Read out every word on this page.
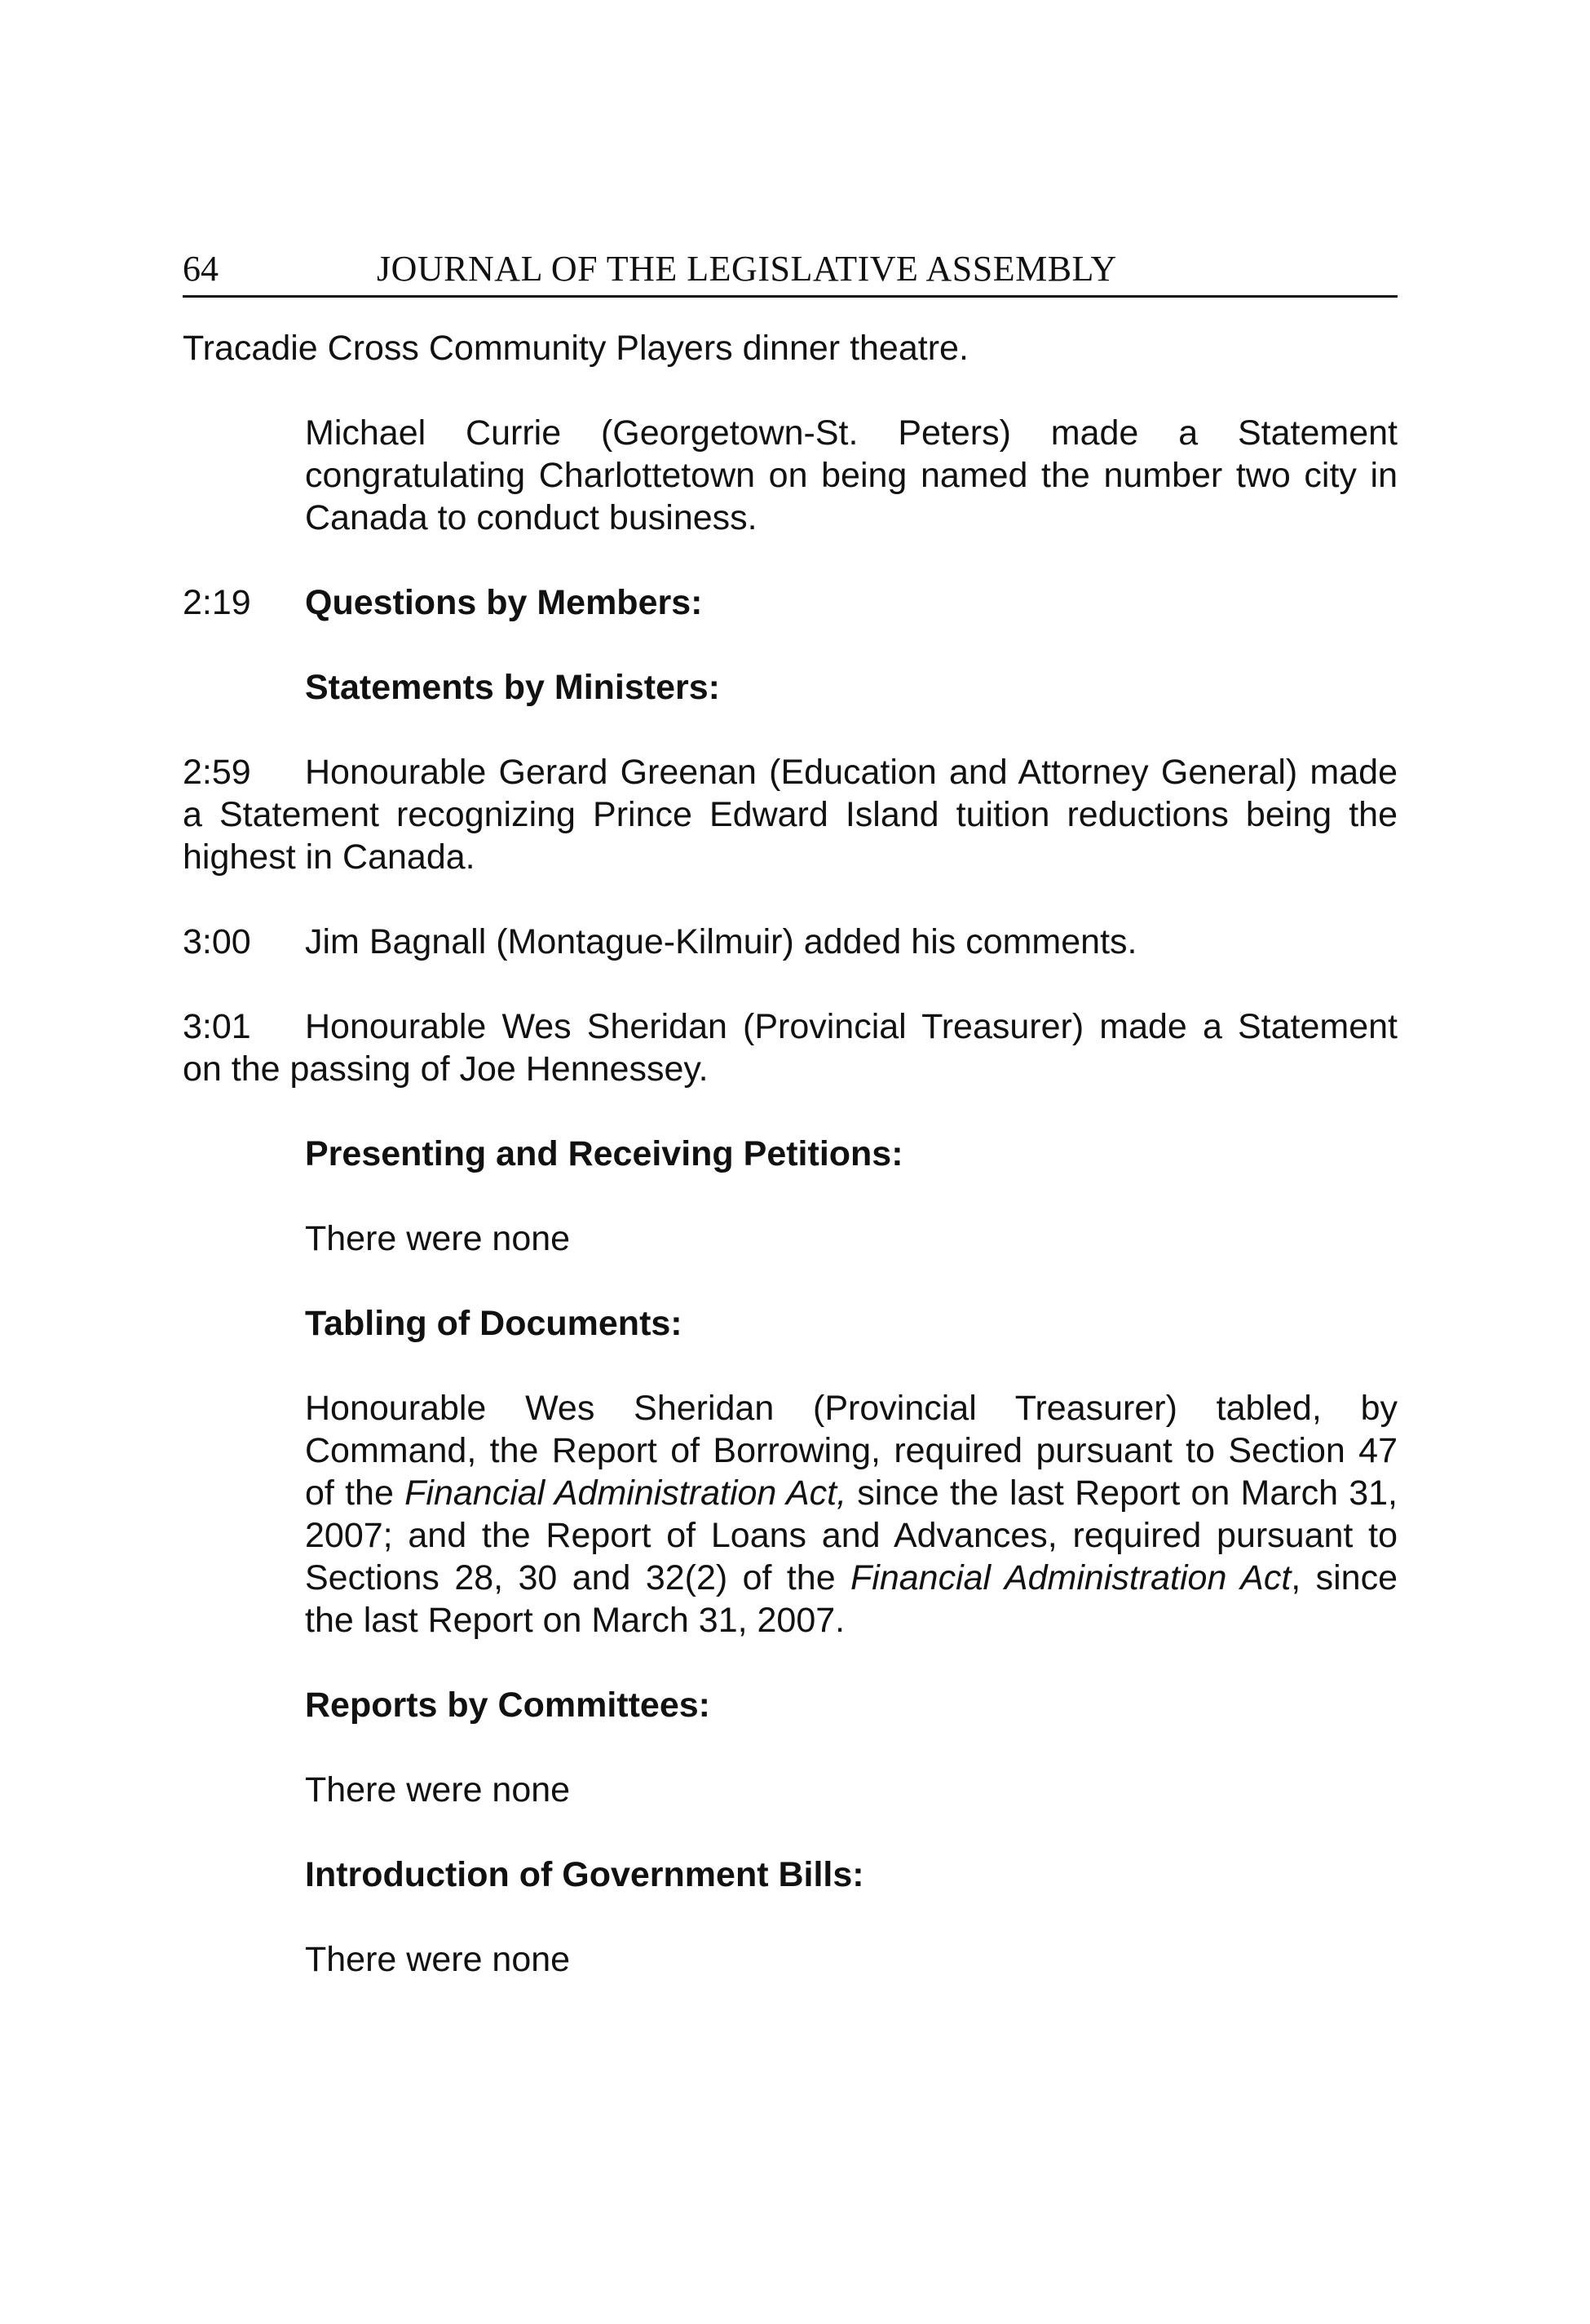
64	JOURNAL OF THE LEGISLATIVE ASSEMBLY

Tracadie Cross Community Players dinner theatre.

Michael Currie (Georgetown-St. Peters) made a Statement congratulating Charlottetown on being named the number two city in Canada to conduct business.

2:19 Questions by Members:

Statements by Ministers:

2:59 Honourable Gerard Greenan (Education and Attorney General) made a Statement recognizing Prince Edward Island tuition reductions being the highest in Canada.

3:00 Jim Bagnall (Montague-Kilmuir) added his comments.

3:01 Honourable Wes Sheridan (Provincial Treasurer) made a Statement on the passing of Joe Hennessey.

Presenting and Receiving Petitions:

There were none

Tabling of Documents:

Honourable Wes Sheridan (Provincial Treasurer) tabled, by Command, the Report of Borrowing, required pursuant to Section 47 of the Financial Administration Act, since the last Report on March 31, 2007; and the Report of Loans and Advances, required pursuant to Sections 28, 30 and 32(2) of the Financial Administration Act, since the last Report on March 31, 2007.

Reports by Committees:

There were none

Introduction of Government Bills:

There were none
